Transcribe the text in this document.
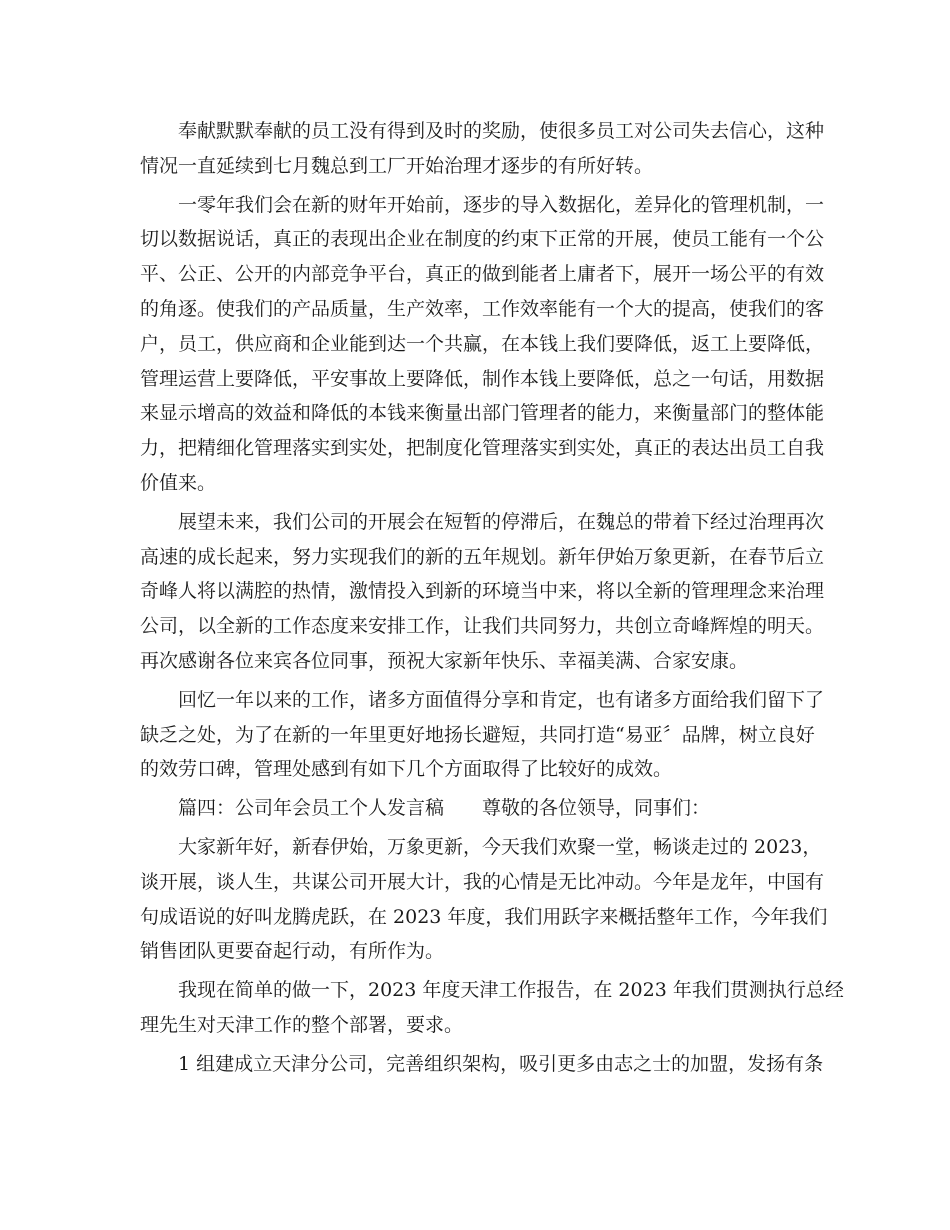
　　奉献默默奉献的员工没有得到及时的奖励，使很多员工对公司失去信心，这种
情况一直延续到七月魏总到工厂开始治理才逐步的有所好转。
　　一零年我们会在新的财年开始前，逐步的导入数据化，差异化的管理机制，一
切以数据说话，真正的表现出企业在制度的约束下正常的开展，使员工能有一个公
平、公正、公开的内部竞争平台，真正的做到能者上庸者下，展开一场公平的有效
的角逐。使我们的产品质量，生产效率，工作效率能有一个大的提高，使我们的客
户，员工，供应商和企业能到达一个共赢，在本钱上我们要降低，返工上要降低，
管理运营上要降低，平安事故上要降低，制作本钱上要降低，总之一句话，用数据
来显示增高的效益和降低的本钱来衡量出部门管理者的能力，来衡量部门的整体能
力，把精细化管理落实到实处，把制度化管理落实到实处，真正的表达出员工自我
价值来。
　　展望未来，我们公司的开展会在短暂的停滞后，在魏总的带着下经过治理再次
高速的成长起来，努力实现我们的新的五年规划。新年伊始万象更新，在春节后立
奇峰人将以满腔的热情，激情投入到新的环境当中来，将以全新的管理理念来治理
公司，以全新的工作态度来安排工作，让我们共同努力，共创立奇峰辉煌的明天。
再次感谢各位来宾各位同事，预祝大家新年快乐、幸福美满、合家安康。
　　回忆一年以来的工作，诸多方面值得分享和肯定，也有诸多方面给我们留下了
缺乏之处，为了在新的一年里更好地扬长避短，共同打造“易亚〞品牌，树立良好
的效劳口碑，管理处感到有如下几个方面取得了比较好的成效。
　　篇四：公司年会员工个人发言稿　　尊敬的各位领导，同事们：
　　大家新年好，新春伊始，万象更新，今天我们欢聚一堂，畅谈走过的 2023，
谈开展，谈人生，共谋公司开展大计，我的心情是无比冲动。今年是龙年，中国有
句成语说的好叫龙腾虎跃，在 2023 年度，我们用跃字来概括整年工作，今年我们
销售团队更要奋起行动，有所作为。
　　我现在简单的做一下，2023 年度天津工作报告，在 2023 年我们贯测执行总经
理先生对天津工作的整个部署，要求。
　　1 组建成立天津分公司，完善组织架构，吸引更多由志之士的加盟，发扬有条
